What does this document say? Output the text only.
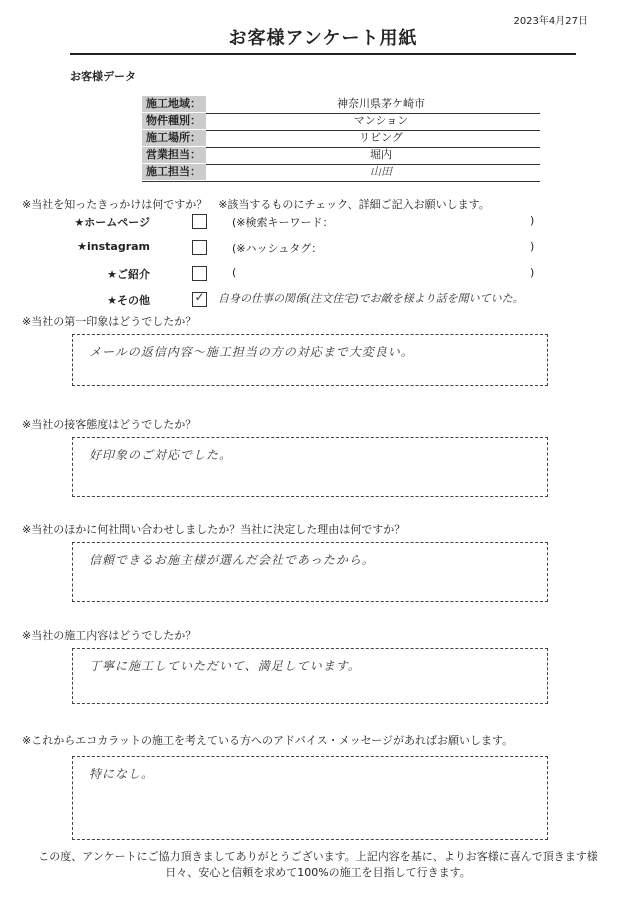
2023年4月27日
お客様アンケート用紙
お客様データ
施工地域：	神奈川県茅ケ崎市
物件種別：	マンション
施工場所：	リビング
営業担当：	堀内
施工担当：	山田
※当社を知ったきっかけは何ですか？　※該当するものにチェック、詳細ご記入お願いします。
★ホームページ	(※検索キーワード：	)
★instagram	(※ハッシュタグ：	)
★ご紹介	(	)
★その他	✓ 自身の仕事の関係(注文住宅)でお敵を様より話を聞いていた。
※当社の第一印象はどうでしたか？
メールの返信内容～施工担当の方の対応まで大変良い。
※当社の接客態度はどうでしたか？
好印象のご対応でした。
※当社のほかに何社問い合わせしましたか？当社に決定した理由は何ですか？
信頼できるお施主様が選んだ会社であったから。
※当社の施工内容はどうでしたか？
丁寧に施工していただいて、満足しています。
※これからエコカラットの施工を考えている方へのアドバイス・メッセージがあればお願いします。
特になし。
この度、アンケートにご協力頂きましてありがとうございます。上記内容を基に、よりお客様に喜んで頂きます様
日々、安心と信頼を求めて100%の施工を目指して行きます。
